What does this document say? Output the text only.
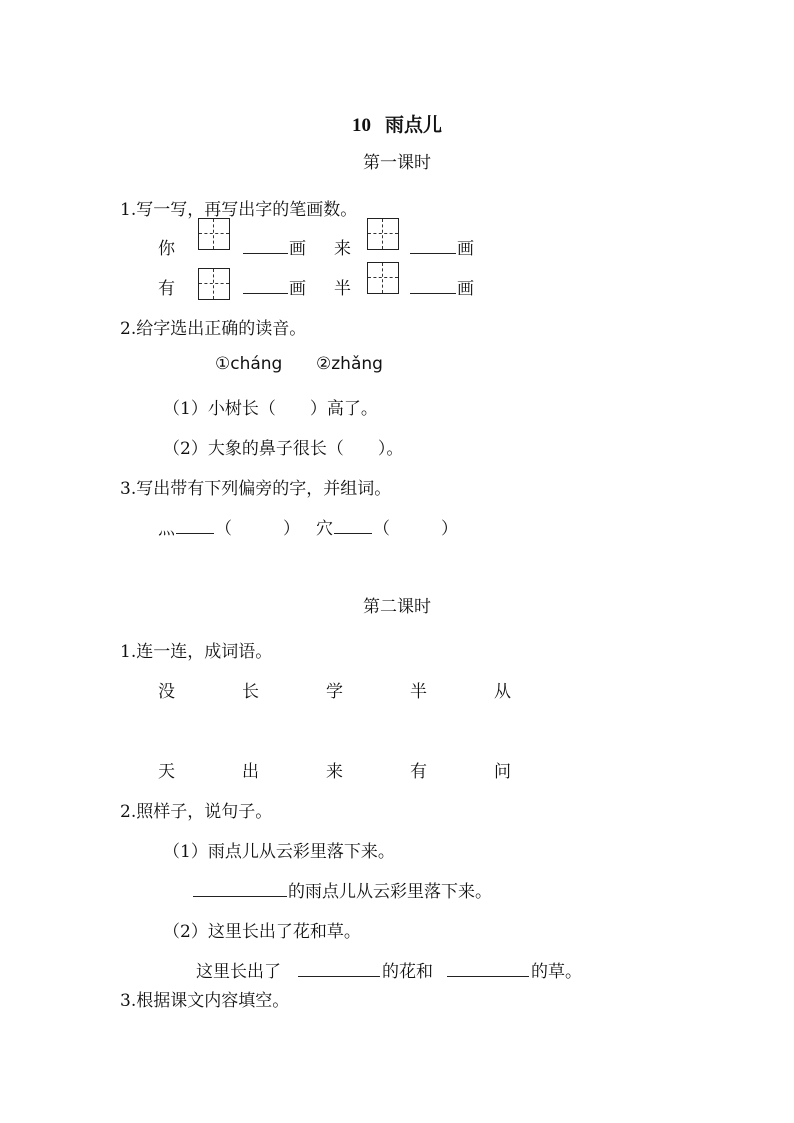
10 雨点儿
第一课时
1.写一写，再写出字的笔画数。
你	画 来	画
有	画 半	画
2.给字选出正确的读音。
①cháng ②zhǎng
（1）小树长（　　）高了。
（2）大象的鼻子很长（　　）。
3.写出带有下列偏旁的字，并组词。
灬 （　　　） 穴 （　　　）
第二课时
1.连一连，成词语。
没	长	学	半	从
天	出	来	有	问
2.照样子，说句子。
（1）雨点儿从云彩里落下来。
的雨点儿从云彩里落下来。
（2）这里长出了花和草。
这里长出了	的花和	的草。
3.根据课文内容填空。
